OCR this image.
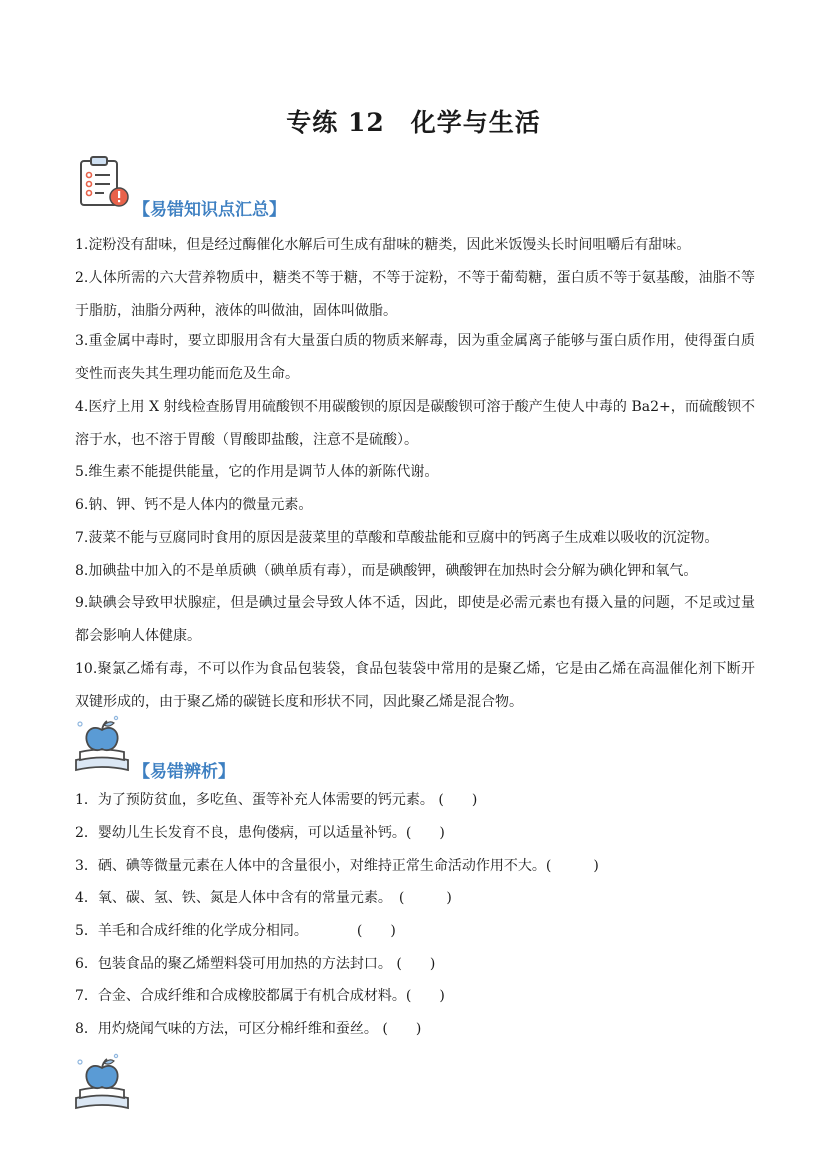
专练 12　化学与生活
【易错知识点汇总】
1.淀粉没有甜味，但是经过酶催化水解后可生成有甜味的糖类，因此米饭馒头长时间咀嚼后有甜味。
2.人体所需的六大营养物质中，糖类不等于糖，不等于淀粉，不等于葡萄糖，蛋白质不等于氨基酸，油脂不等于脂肪，油脂分两种，液体的叫做油，固体叫做脂。
3.重金属中毒时，要立即服用含有大量蛋白质的物质来解毒，因为重金属离子能够与蛋白质作用，使得蛋白质变性而丧失其生理功能而危及生命。
4.医疗上用 X 射线检查肠胃用硫酸钡不用碳酸钡的原因是碳酸钡可溶于酸产生使人中毒的 Ba2+，而硫酸钡不溶于水，也不溶于胃酸（胃酸即盐酸，注意不是硫酸）。
5.维生素不能提供能量，它的作用是调节人体的新陈代谢。
6.钠、钾、钙不是人体内的微量元素。
7.菠菜不能与豆腐同时食用的原因是菠菜里的草酸和草酸盐能和豆腐中的钙离子生成难以吸收的沉淀物。
8.加碘盐中加入的不是单质碘（碘单质有毒），而是碘酸钾，碘酸钾在加热时会分解为碘化钾和氧气。
9.缺碘会导致甲状腺症，但是碘过量会导致人体不适，因此，即使是必需元素也有摄入量的问题，不足或过量都会影响人体健康。
10.聚氯乙烯有毒，不可以作为食品包装袋，食品包装袋中常用的是聚乙烯，它是由乙烯在高温催化剂下断开双键形成的，由于聚乙烯的碳链长度和形状不同，因此聚乙烯是混合物。
【易错辨析】
1．为了预防贫血，多吃鱼、蛋等补充人体需要的钙元素。 (　　)
2．婴幼儿生长发育不良，患佝偻病，可以适量补钙。(　　)
3．硒、碘等微量元素在人体中的含量很小，对维持正常生命活动作用不大。(　　　)
4．氧、碳、氢、铁、氮是人体中含有的常量元素。　(　　　)
5．羊毛和合成纤维的化学成分相同。　　　　(　　)
6．包装食品的聚乙烯塑料袋可用加热的方法封口。 (　　)
7．合金、合成纤维和合成橡胶都属于有机合成材料。(　　)
8．用灼烧闻气味的方法，可区分棉纤维和蚕丝。 (　　)
